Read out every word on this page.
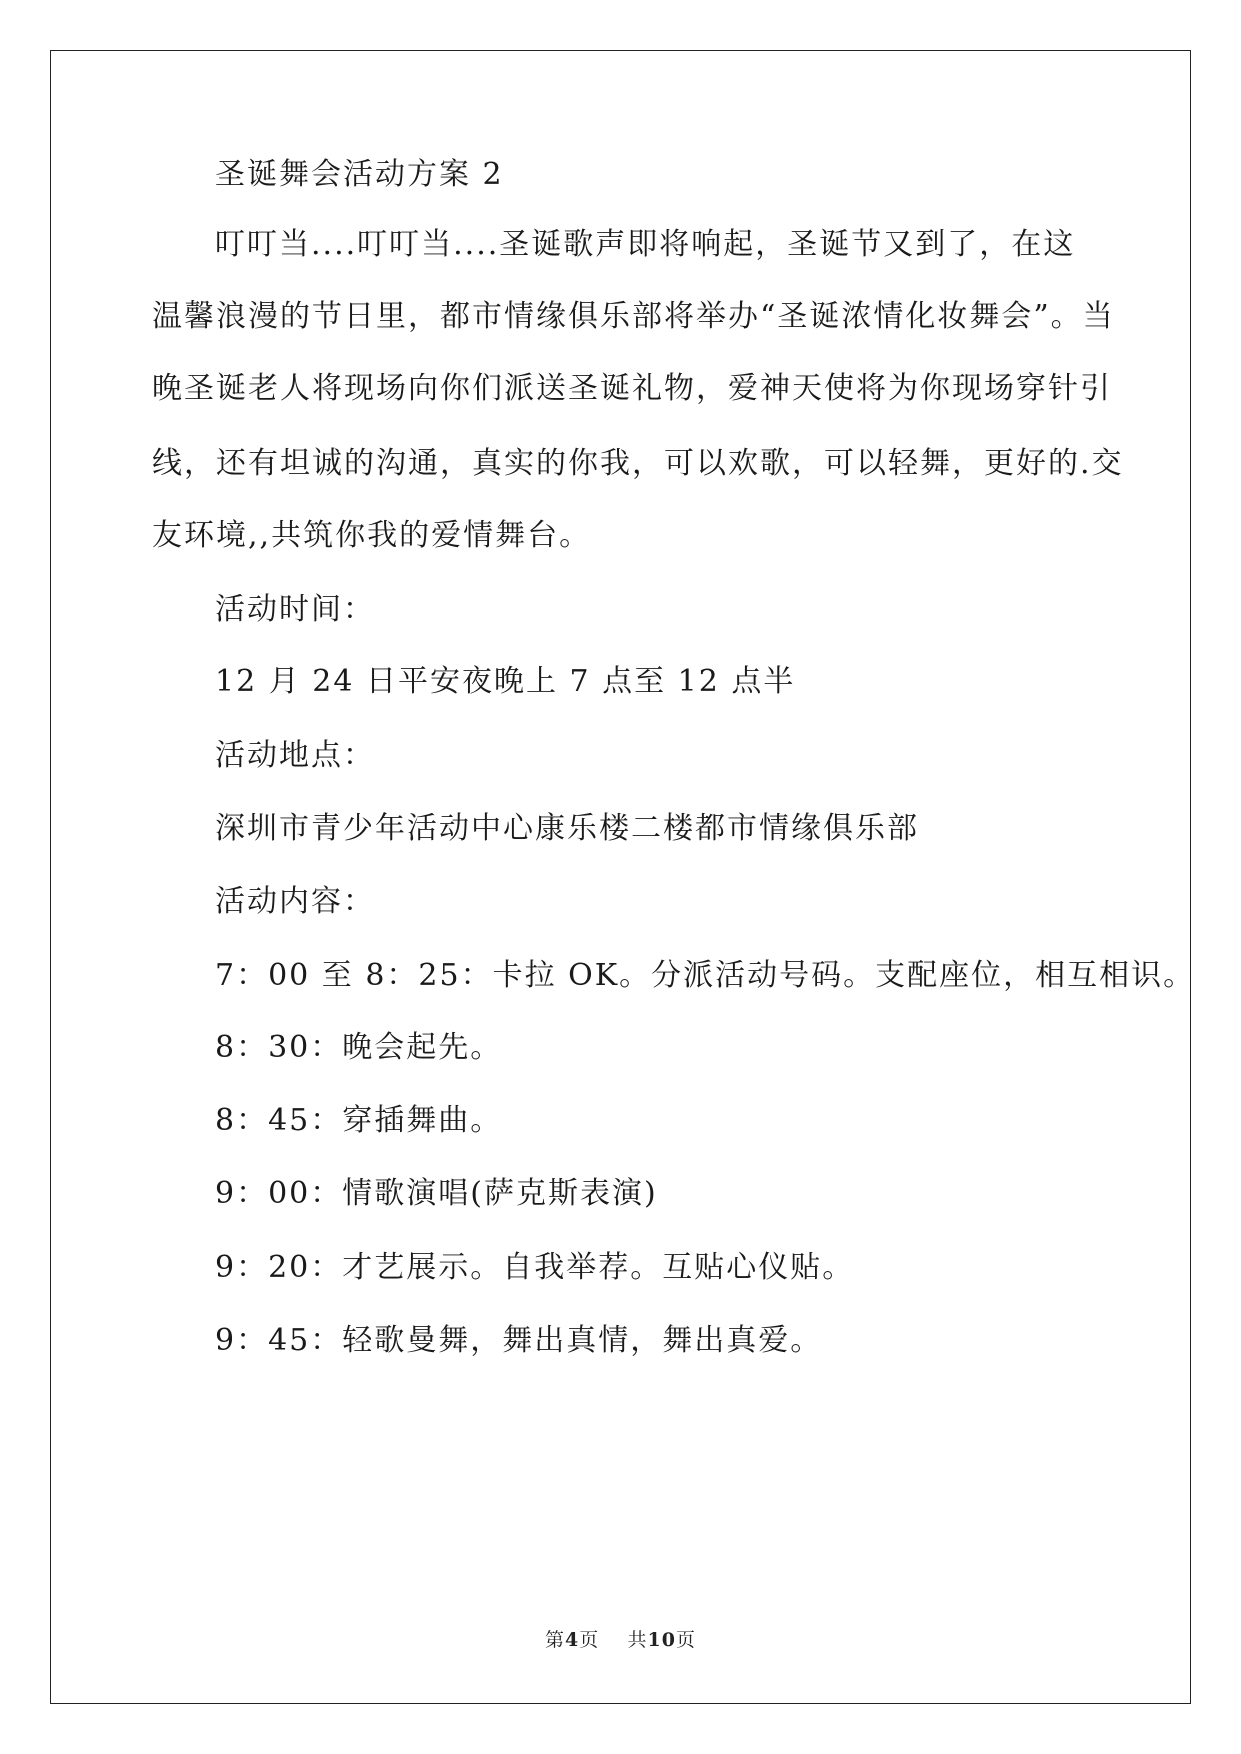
圣诞舞会活动方案 2

叮叮当....叮叮当....圣诞歌声即将响起，圣诞节又到了，在这

温馨浪漫的节日里，都市情缘俱乐部将举办“圣诞浓情化妆舞会”。当

晚圣诞老人将现场向你们派送圣诞礼物，爱神天使将为你现场穿针引

线，还有坦诚的沟通，真实的你我，可以欢歌，可以轻舞，更好的.交

友环境,,共筑你我的爱情舞台。

活动时间：

12 月 24 日平安夜晚上 7 点至 12 点半

活动地点：

深圳市青少年活动中心康乐楼二楼都市情缘俱乐部

活动内容：

7：00 至 8：25：卡拉 OK。分派活动号码。支配座位，相互相识。

8：30：晚会起先。

8：45：穿插舞曲。

9：00：情歌演唱(萨克斯表演)

9：20：才艺展示。自我举荐。互贴心仪贴。

9：45：轻歌曼舞，舞出真情，舞出真爱。

第4页 共10页
